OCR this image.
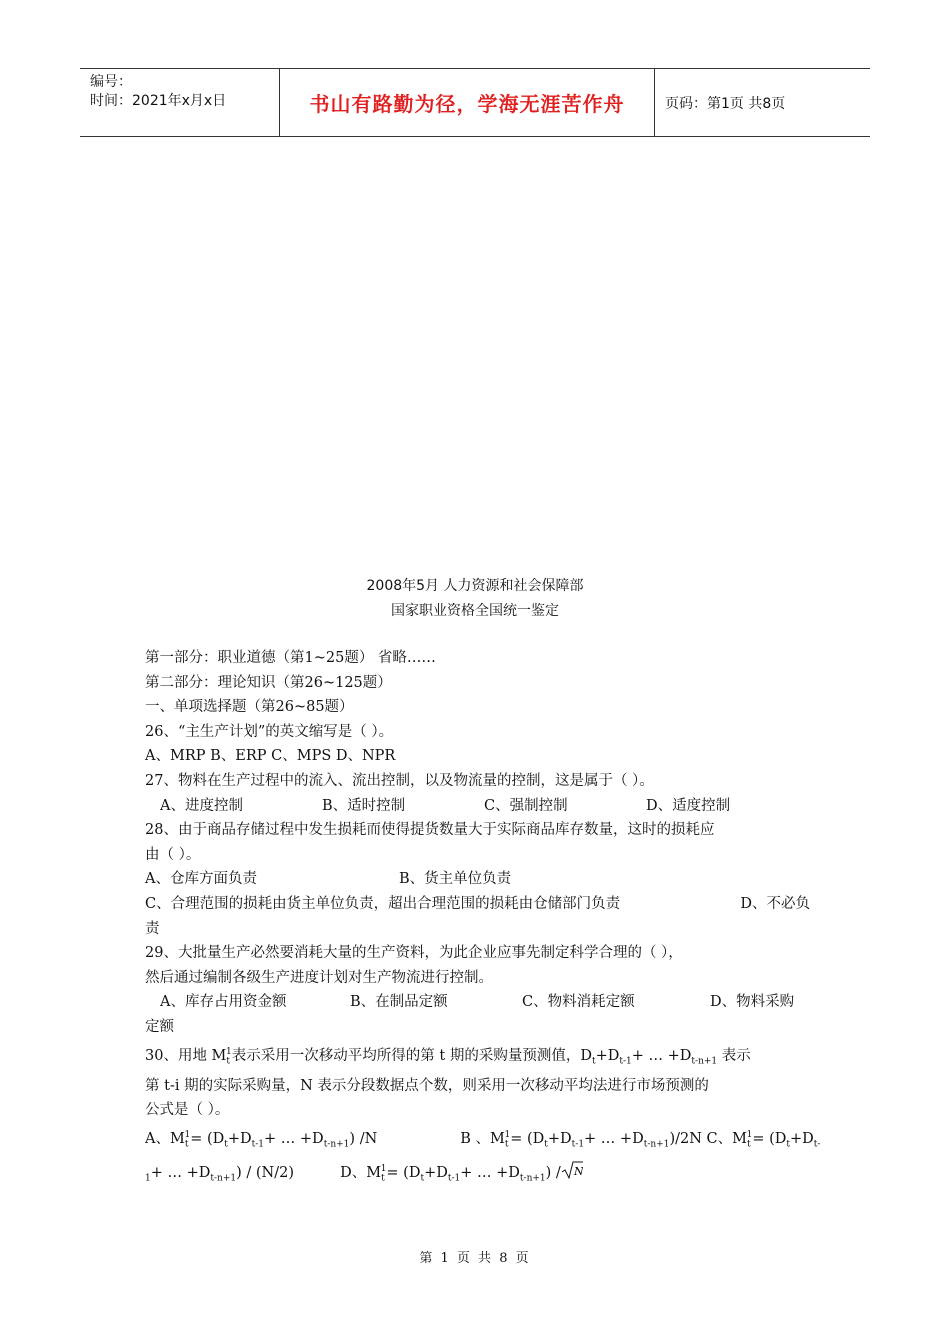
编号：
时间：2021年x月x日	书山有路勤为径，学海无涯苦作舟	页码：第1页 共8页
2008年5月 人力资源和社会保障部
国家职业资格全国统一鉴定

第一部分：职业道德（第1~25题） 省略……

第二部分：理论知识（第26~125题）

一、单项选择题（第26~85题）

26、“主生产计划”的英文缩写是（ ）。

A、MRP B、ERP C、MPS D、NPR

27、物料在生产过程中的流入、流出控制，以及物流量的控制，这是属于（ ）。

A、进度控制	B、适时控制	C、强制控制	D、适度控制

28、由于商品存储过程中发生损耗而使得提货数量大于实际商品库存数量，这时的损耗应

由（ ）。

A、仓库方面负责	B、货主单位负责
C、合理范围的损耗由货主单位负责，超出合理范围的损耗由仓储部门负责	D、不必负

责

29、大批量生产必然要消耗大量的生产资料，为此企业应事先制定科学合理的（ ），

然后通过编制各级生产进度计划对生产物流进行控制。

A、库存占用资金额	B、在制品定额	C、物料消耗定额	D、物料采购

定额

30、用地 $M_t^1$表示采用一次移动平均所得的第 t 期的采购量预测值，$D_t+D_{t-1}+$ … $+D_{t-n+1}$ 表示

第 t-i 期的实际采购量，N 表示分段数据点个数，则采用一次移动平均法进行市场预测的

公式是（ ）。

A、$M_t^1= (D_t+D_{t-1}+$ … $+D_{t-n+1}$) /N                  B 、$M_t^1= (D_t+D_{t-1}+$ … $+D_{t-n+1})/2N$ C、$M_t^1= (D_t+D_{t-}$

$_1$+ … $+D_{t-n+1}) / (N/2)$          D、$M_t^1= (D_t+D_{t-1}+$ … $+D_{t-n+1}) / N$

第 1 页 共 8 页
